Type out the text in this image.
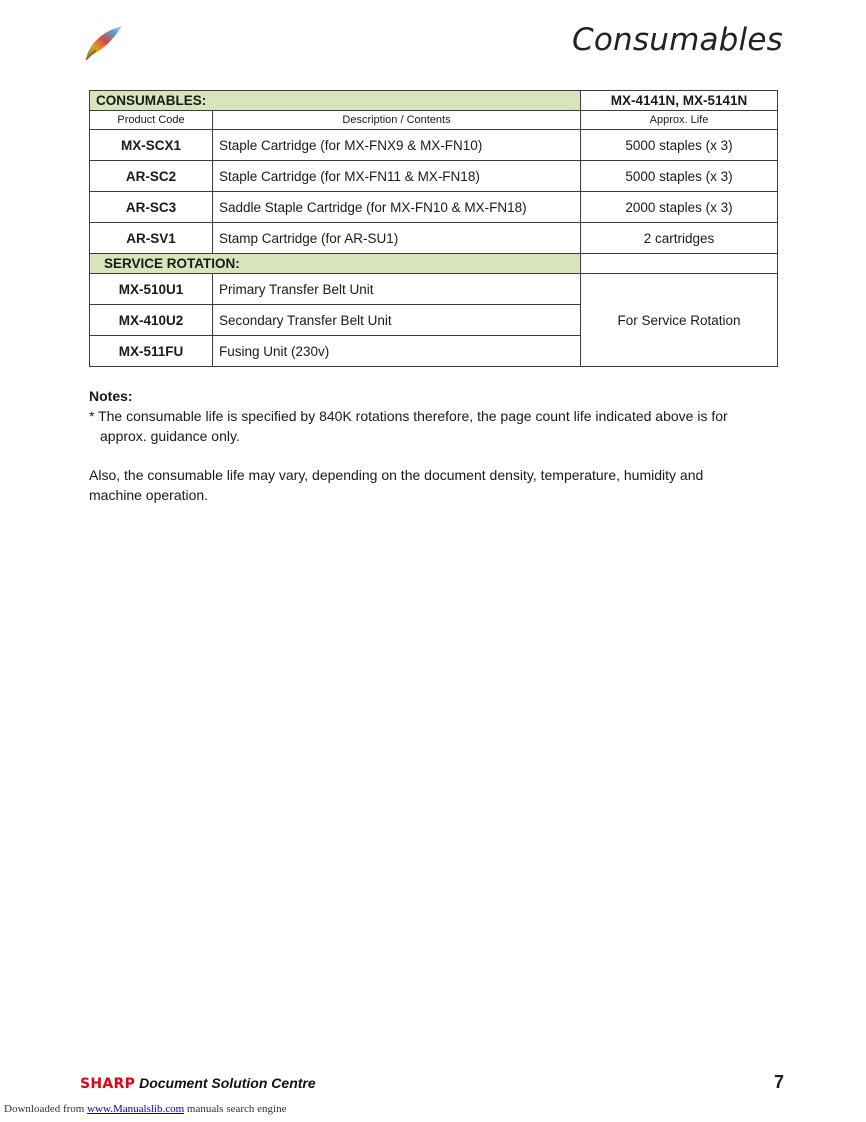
Consumables
CONSUMABLES:		MX-4141N, MX-5141N
Product Code	Description / Contents	Approx. Life
MX-SCX1	Staple Cartridge (for MX-FNX9 & MX-FN10)	5000 staples (x 3)
AR-SC2	Staple Cartridge (for MX-FN11 & MX-FN18)	5000 staples (x 3)
AR-SC3	Saddle Staple Cartridge (for MX-FN10 & MX-FN18)	2000 staples (x 3)
AR-SV1	Stamp Cartridge (for AR-SU1)	2 cartridges
SERVICE ROTATION:		
MX-510U1	Primary Transfer Belt Unit	For Service Rotation
MX-410U2	Secondary Transfer Belt Unit	
MX-511FU	Fusing Unit (230v)	

Notes:

* The consumable life is specified by 840K rotations therefore, the page count life indicated above is for

approx. guidance only.

Also, the consumable life may vary, depending on the document density, temperature, humidity and

machine operation.

SHARP Document Solution Centre	7
Downloaded from www.Manualslib.com manuals search engine
